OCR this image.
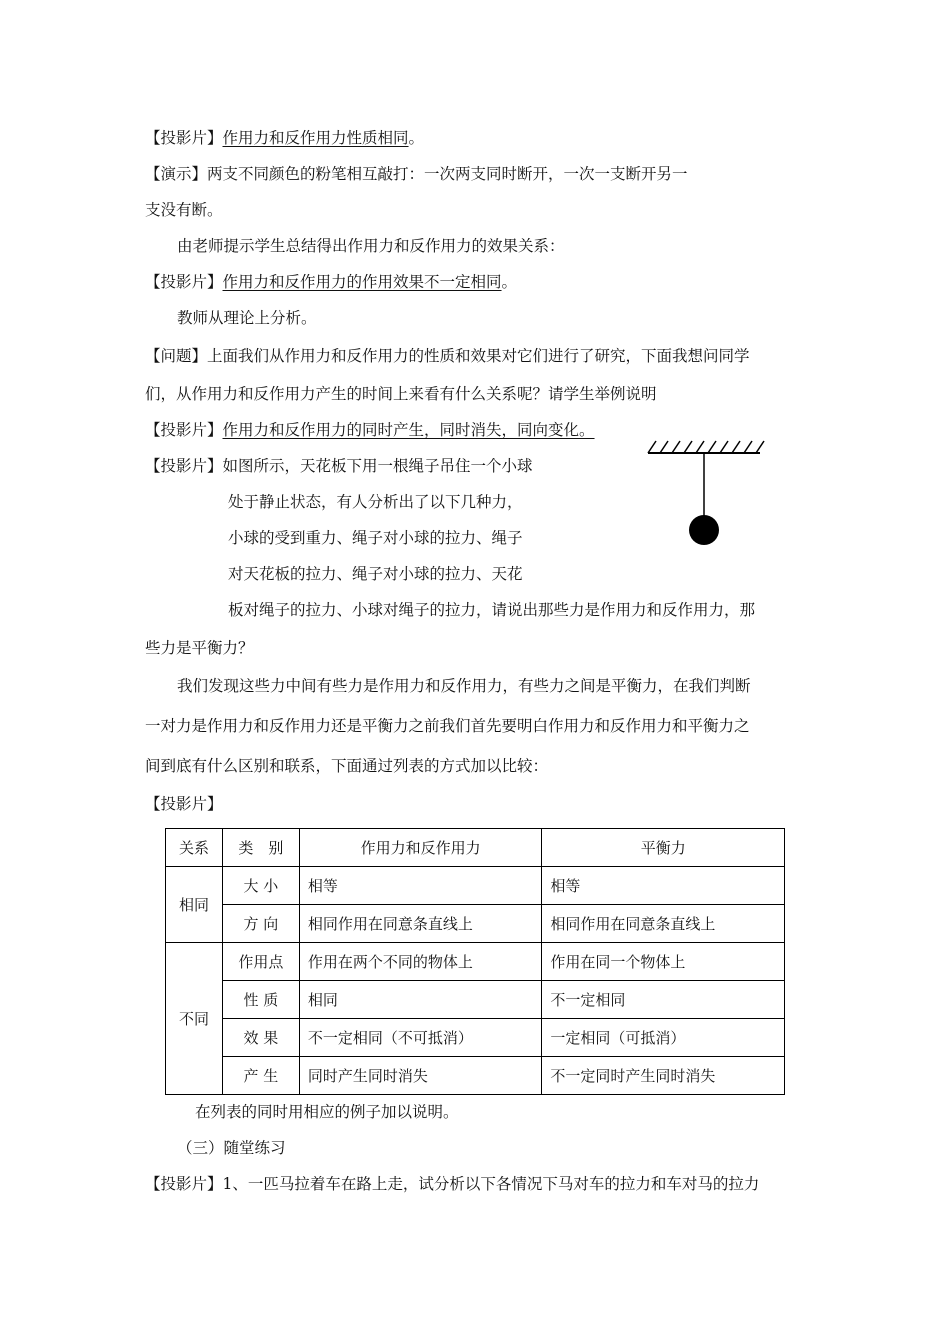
【投影片】作用力和反作用力性质相同。
【演示】两支不同颜色的粉笔相互敲打：一次两支同时断开，一次一支断开另一
支没有断。
由老师提示学生总结得出作用力和反作用力的效果关系：
【投影片】作用力和反作用力的作用效果不一定相同。
教师从理论上分析。
【问题】上面我们从作用力和反作用力的性质和效果对它们进行了研究，下面我想问同学
们，从作用力和反作用力产生的时间上来看有什么关系呢？请学生举例说明
【投影片】作用力和反作用力的同时产生，同时消失，同向变化。
【投影片】如图所示，天花板下用一根绳子吊住一个小球
处于静止状态，有人分析出了以下几种力，
小球的受到重力、绳子对小球的拉力、绳子
对天花板的拉力、绳子对小球的拉力、天花
板对绳子的拉力、小球对绳子的拉力，请说出那些力是作用力和反作用力，那
些力是平衡力？
我们发现这些力中间有些力是作用力和反作用力，有些力之间是平衡力，在我们判断
一对力是作用力和反作用力还是平衡力之前我们首先要明白作用力和反作用力和平衡力之
间到底有什么区别和联系，下面通过列表的方式加以比较：
【投影片】
关系	类　别	作用力和反作用力	平衡力
相同	大 小	相等	相等
	方 向	相同作用在同意条直线上	相同作用在同意条直线上
不同	作用点	作用在两个不同的物体上	作用在同一个物体上
	性 质	相同	不一定相同
	效 果	不一定相同（不可抵消）	一定相同（可抵消）
	产 生	同时产生同时消失	不一定同时产生同时消失
在列表的同时用相应的例子加以说明。
（三）随堂练习
【投影片】1、一匹马拉着车在路上走，试分析以下各情况下马对车的拉力和车对马的拉力
